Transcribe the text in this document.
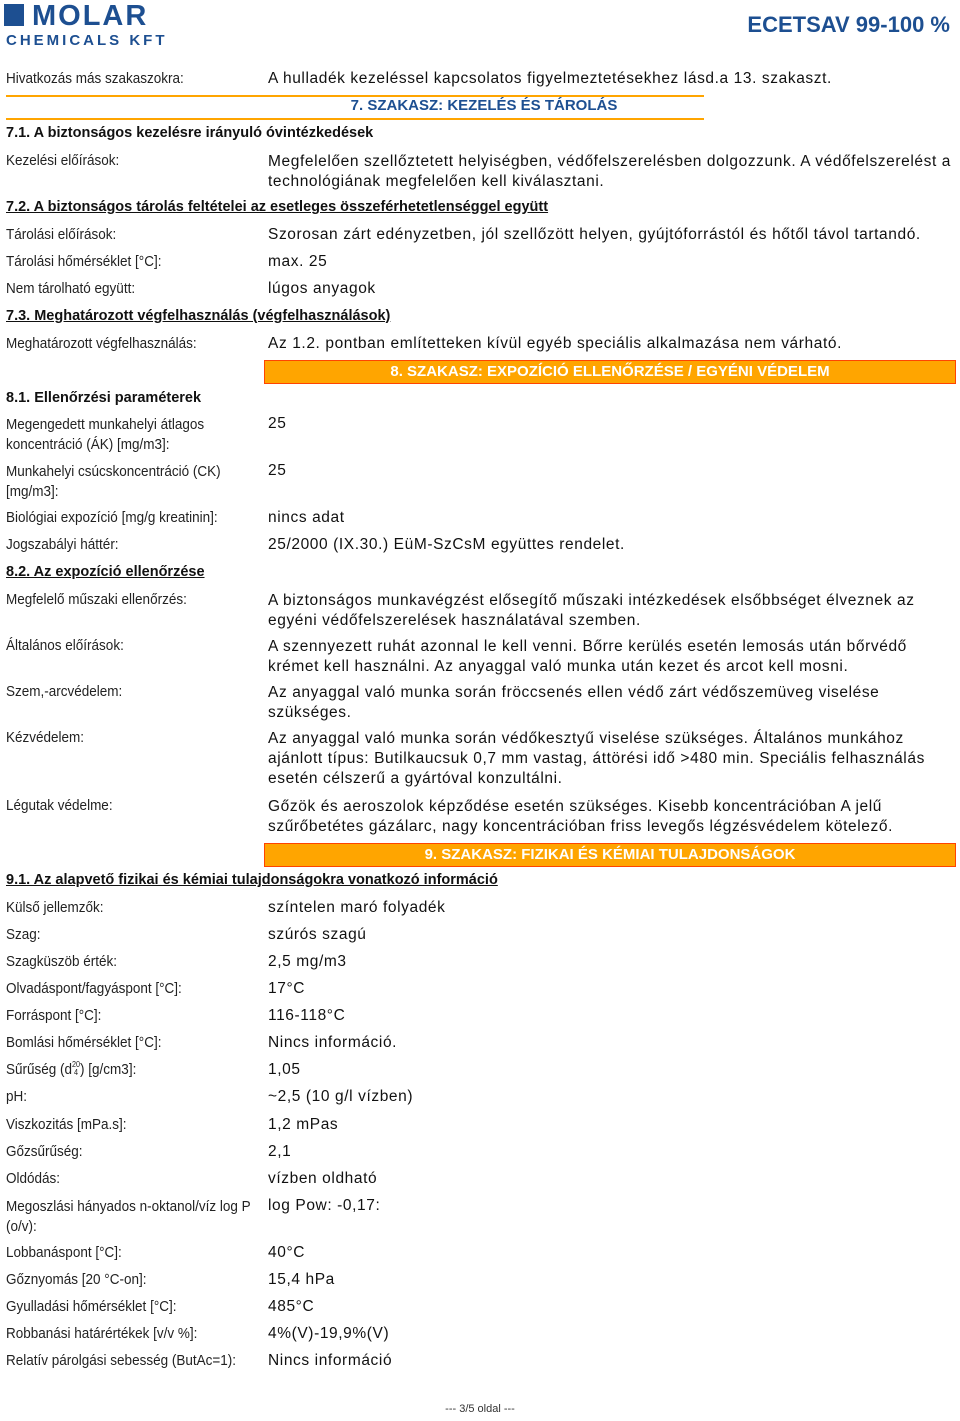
MOLAR
CHEMICALS KFT
ECETSAV 99-100 %
Hivatkozás más szakaszokra:	A hulladék kezeléssel kapcsolatos figyelmeztetésekhez lásd.a 13. szakaszt.
7. SZAKASZ: KEZELÉS ÉS TÁROLÁS
7.1. A biztonságos kezelésre irányuló óvintézkedések
Kezelési előírások:	Megfelelően szellőztetett helyiségben, védőfelszerelésben dolgozzunk. A védőfelszerelést a technológiának megfelelően kell kiválasztani.
7.2. A biztonságos tárolás feltételei az esetleges összeférhetetlenséggel együtt
Tárolási előírások:	Szorosan zárt edényzetben, jól szellőzött helyen, gyújtóforrástól és hőtől távol tartandó.
Tárolási hőmérséklet [°C]:	max. 25
Nem tárolható együtt:	lúgos anyagok
7.3. Meghatározott végfelhasználás (végfelhasználások)
Meghatározott végfelhasználás:	Az 1.2. pontban említetteken kívül egyéb speciális alkalmazása nem várható.
8. SZAKASZ: EXPOZÍCIÓ ELLENŐRZÉSE / EGYÉNI VÉDELEM
8.1. Ellenőrzési paraméterek
Megengedett munkahelyi átlagos koncentráció (ÁK) [mg/m3]:
25
Munkahelyi csúcskoncentráció (CK) [mg/m3]:
25
Biológiai expozíció [mg/g kreatinin]:	nincs adat
Jogszabályi háttér:	25/2000 (IX.30.) EüM-SzCsM együttes rendelet.
8.2. Az expozíció ellenőrzése
Megfelelő műszaki ellenőrzés:	A biztonságos munkavégzést elősegítő műszaki intézkedések elsőbbséget élveznek az egyéni védőfelszerelések használatával szemben.
Általános előírások:	A szennyezett ruhát azonnal le kell venni. Bőrre kerülés esetén lemosás után bőrvédő krémet kell használni. Az anyaggal való munka után kezet és arcot kell mosni.
Szem,-arcvédelem:	Az anyaggal való munka során fröccsenés ellen védő zárt védőszemüveg viselése szükséges.
Kézvédelem:	Az anyaggal való munka során védőkesztyű viselése szükséges. Általános munkához ajánlott típus: Butilkaucsuk 0,7 mm vastag, áttörési idő >480 min. Speciális felhasználás esetén célszerű a gyártóval konzultálni.
Légutak védelme:	Gőzök és aeroszolok képződése esetén szükséges. Kisebb koncentrációban A jelű szűrőbetétes gázálarc, nagy koncentrációban friss levegős légzésvédelem kötelező.
9. SZAKASZ: FIZIKAI ÉS KÉMIAI TULAJDONSÁGOK
9.1. Az alapvető fizikai és kémiai tulajdonságokra vonatkozó információ
Külső jellemzők:	színtelen maró folyadék
Szag:	szúrós szagú
Szagküszöb érték:	2,5 mg/m3
Olvadáspont/fagyáspont [°C]:	17°C
Forráspont [°C]:	116-118°C
Bomlási hőmérséklet [°C]:	Nincs információ.
Sűrűség (d 20
4 ) [g/cm3]:	1,05
pH:	~2,5 (10 g/l vízben)
Viszkozitás [mPa.s]:	1,2 mPas
Gőzsűrűség:	2,1
Oldódás:	vízben oldható
Megoszlási hányados n-oktanol/víz log P (o/v):
log Pow: -0,17:
Lobbanáspont [°C]:	40°C
Gőznyomás [20 °C-on]:	15,4 hPa
Gyulladási hőmérséklet [°C]:	485°C
Robbanási határértékek [v/v %]:	4%(V)-19,9%(V)
Relatív párolgási sebesség (ButAc=1): Nincs információ
--- 3/5 oldal ---
